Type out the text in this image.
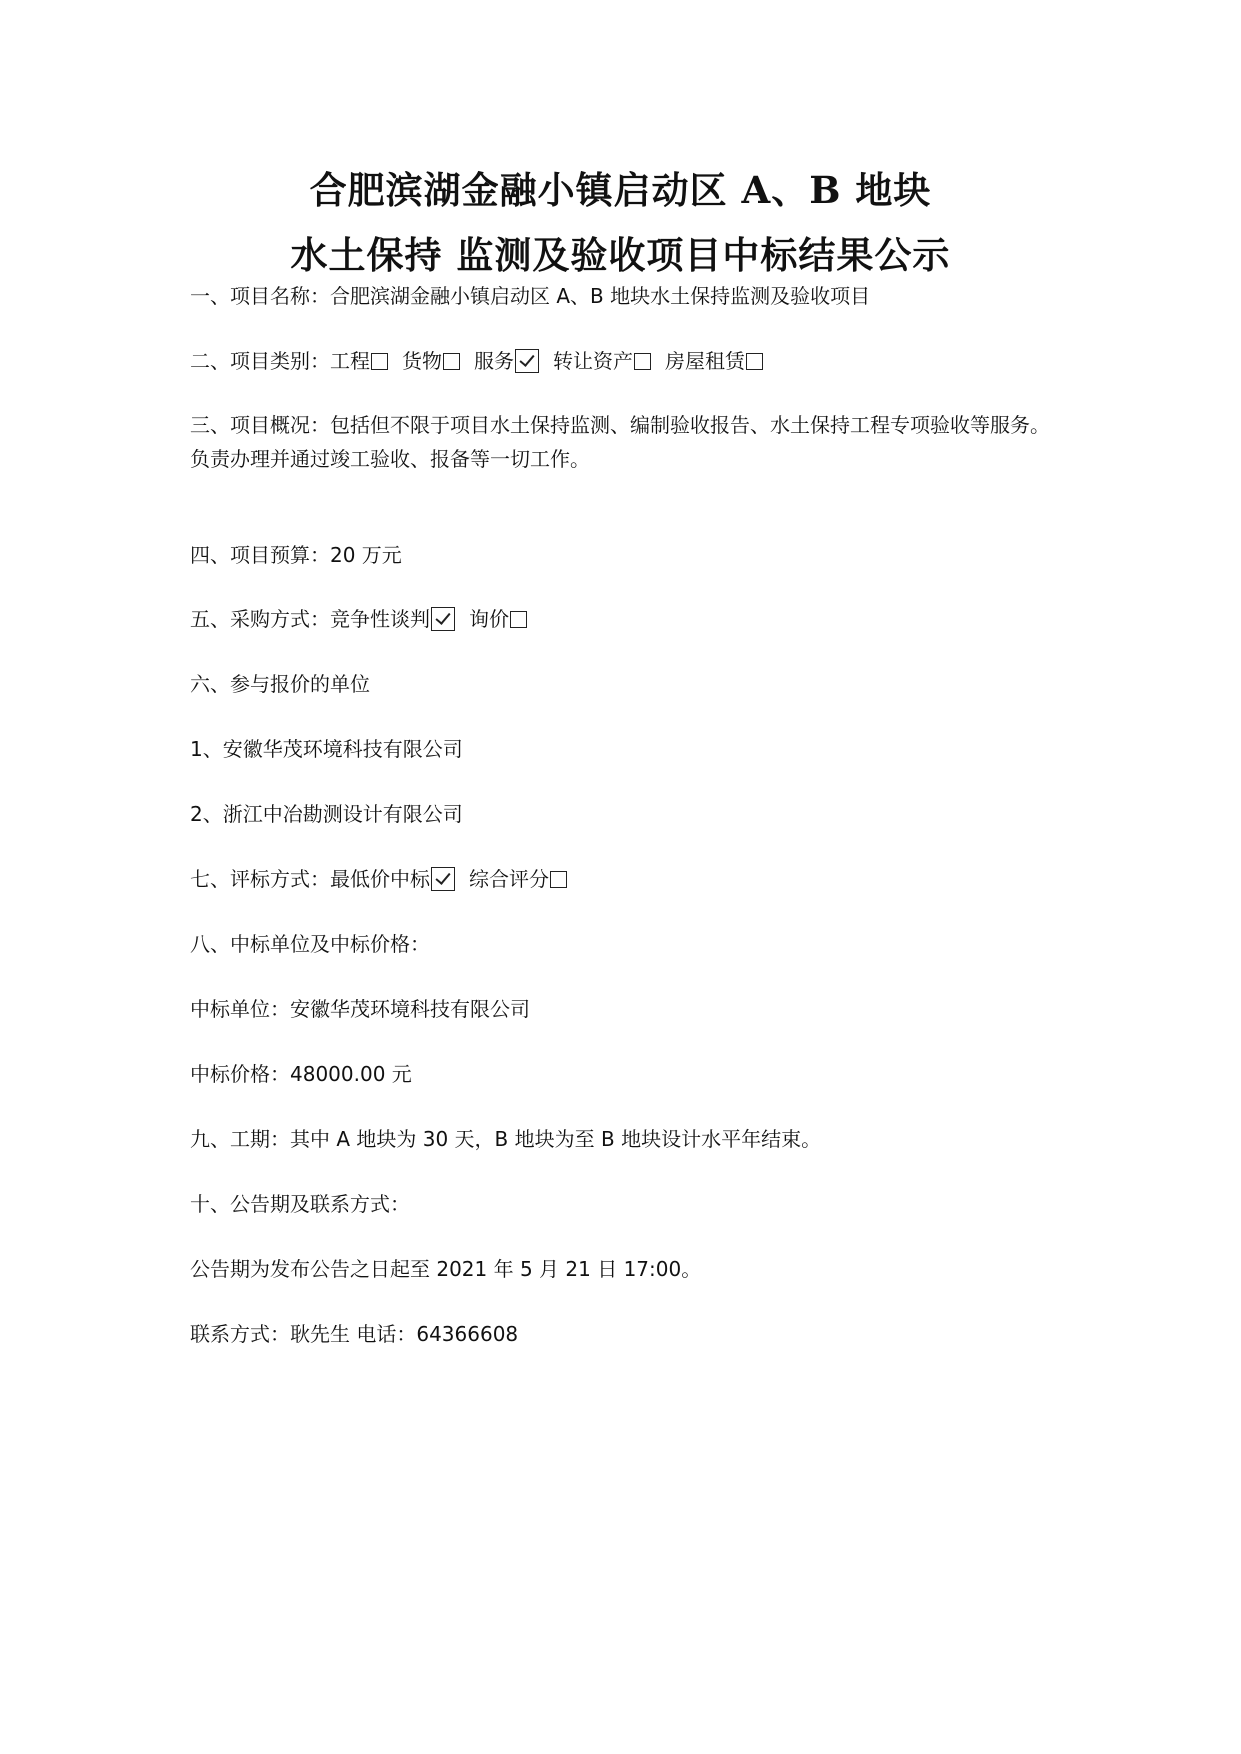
合肥滨湖金融小镇启动区 A、B 地块
水土保持 监测及验收项目中标结果公示
一、项目名称：合肥滨湖金融小镇启动区 A、B 地块水土保持监测及验收项目
二、项目类别：工程 货物 服务 转让资产 房屋租赁
三、项目概况：包括但不限于项目水土保持监测、编制验收报告、水土保持工程专项验收等服务。负责办理并通过竣工验收、报备等一切工作。
四、项目预算：20 万元
五、采购方式：竞争性谈判 询价
六、参与报价的单位
1、安徽华茂环境科技有限公司
2、浙江中冶勘测设计有限公司
七、评标方式：最低价中标 综合评分
八、中标单位及中标价格：
中标单位：安徽华茂环境科技有限公司
中标价格：48000.00 元
九、工期：其中 A 地块为 30 天，B 地块为至 B 地块设计水平年结束。
十、公告期及联系方式：
公告期为发布公告之日起至 2021 年 5 月 21 日 17:00。
联系方式：耿先生 电话：64366608
